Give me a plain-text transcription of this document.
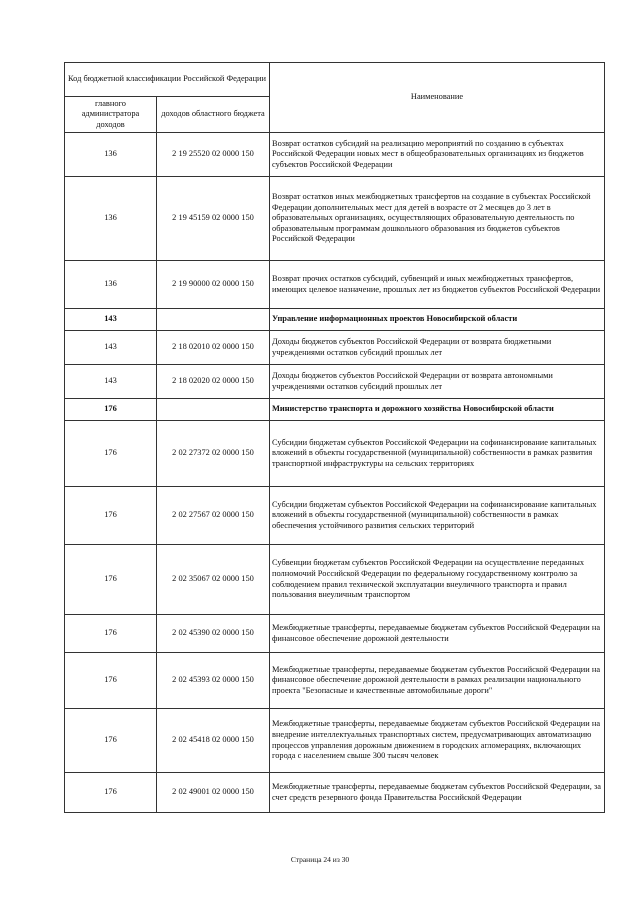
Код бюджетной классификации Российской Федерации		Наименование
главного администратора доходов	доходов областного бюджета	
136	2 19 25520 02 0000 150	Возврат остатков субсидий на реализацию мероприятий по созданию в субъектах Российской Федерации новых мест в общеобразовательных организациях из бюджетов субъектов Российской Федерации
136	2 19 45159 02 0000 150	Возврат остатков иных межбюджетных трансфертов на создание в субъектах Российской Федерации дополнительных мест для детей в возрасте от 2 месяцев до 3 лет в образовательных организациях, осуществляющих образовательную деятельность по образовательным программам дошкольного образования из бюджетов субъектов Российской Федерации
136	2 19 90000 02 0000 150	Возврат прочих остатков субсидий, субвенций и иных межбюджетных трансфертов, имеющих целевое назначение, прошлых лет из бюджетов субъектов Российской Федерации
143		Управление информационных проектов Новосибирской области
143	2 18 02010 02 0000 150	Доходы бюджетов субъектов Российской Федерации от возврата бюджетными учреждениями остатков субсидий прошлых лет
143	2 18 02020 02 0000 150	Доходы бюджетов субъектов Российской Федерации от возврата автономными учреждениями остатков субсидий прошлых лет
176		Министерство транспорта и дорожного хозяйства Новосибирской области
176	2 02 27372 02 0000 150	Субсидии бюджетам субъектов Российской Федерации на софинансирование капитальных вложений в объекты государственной (муниципальной) собственности в рамках развития транспортной инфраструктуры на сельских территориях
176	2 02 27567 02 0000 150	Субсидии бюджетам субъектов Российской Федерации на софинансирование капитальных вложений в объекты государственной (муниципальной) собственности в рамках обеспечения устойчивого развития сельских территорий
176	2 02 35067 02 0000 150	Субвенции бюджетам субъектов Российской Федерации на осуществление переданных полномочий Российской Федерации по федеральному государственному контролю за соблюдением правил технической эксплуатации внеуличного транспорта и правил пользования внеуличным транспортом
176	2 02 45390 02 0000 150	Межбюджетные трансферты, передаваемые бюджетам субъектов Российской Федерации на финансовое обеспечение дорожной деятельности
176	2 02 45393 02 0000 150	Межбюджетные трансферты, передаваемые бюджетам субъектов Российской Федерации на финансовое обеспечение дорожной деятельности в рамках реализации национального проекта "Безопасные и качественные автомобильные дороги"
176	2 02 45418 02 0000 150	Межбюджетные трансферты, передаваемые бюджетам субъектов Российской Федерации на внедрение интеллектуальных транспортных систем, предусматривающих автоматизацию процессов управления дорожным движением в городских агломерациях, включающих города с населением свыше 300 тысяч человек
176	2 02 49001 02 0000 150	Межбюджетные трансферты, передаваемые бюджетам субъектов Российской Федерации, за счет средств резервного фонда Правительства Российской Федерации
Страница 24 из 30
